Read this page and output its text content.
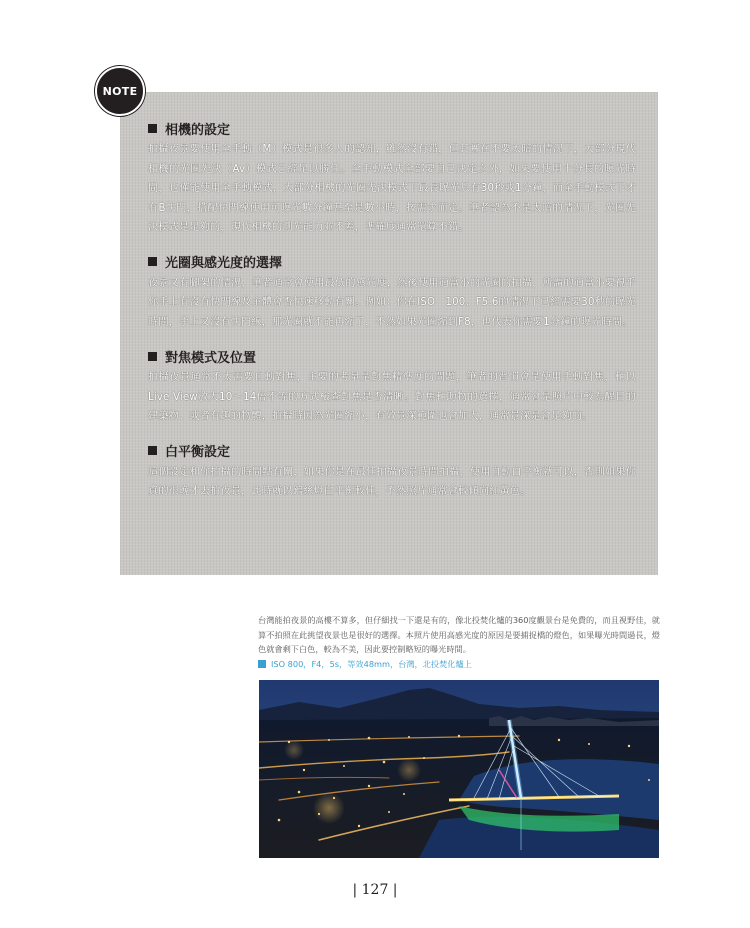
NOTE
相機的設定
拍攝夜景要使用全手動（M）模式是很多人的認知，雖然沒有錯，但其實在不要太暗的情況下，大部分現代相機的光圈先決（Av）模式已經足以勝任。全手動模式全部要自己決定之外，如果要使用十分長的曝光時間，也僅能使用全手動模式，大部分相機的光圈先決模式下最長曝光只有30秒或1分鐘，而全手動模式下才有B快門，搭配快門線使用可曝光數分鐘甚至是數小時，按需求而定。筆者認為不是太暗的情況下，光圈先決模式是足夠的，現代相機的測光能力並不差，準確度通常還算不錯。
光圈與感光度的選擇
夜景又有腳架的情況，筆者通常會使用最低的感光度，然後使用適當小的光圈的拍攝，所謂的適當小要視乎你手上有沒有快門線及主體會否快速移動有關。例如：你在ISO　100、F5.6的情況下已經需要30秒的曝光時間，手上又沒有快門線，那光圈就不能再縮了，不然如果光圈縮到F8，也代表你需要1分鐘的曝光時間。
對焦模式及位置
拍攝夜景通常不太需要自動對焦，主要的考量是對焦精準度的問題，筆者的習慣會是使用手動對焦，輔以Live View放大10～14倍不等的方式檢查對焦是否清晰。對焦輔助物的選擇，通常會是照片中較為醒目的建築物、或者有趣的物體，拍攝時因為光圈縮小，有效景深範圍也會加大，通常景深是會足夠的。
白平衡設定
這個設定和你拍攝的時間點有關，如果你是在最佳拍攝夜景時間拍攝，使用自動白平衡就可以，否則如果你真的很晚才去拍夜景，此時就以鎢絲燈白平衡較佳，不然照片通常會較傾向紅黃色。
台灣能拍夜景的高樓不算多，但仔細找一下還是有的，像北投焚化爐的360度觀景台是免費的，而且視野佳，就算不拍照在此挑望夜景也是很好的選擇。本照片使用高感光度的原因是要捕捉橋的燈色，如果曝光時間過長，燈色就會剩下白色，較為不美，因此要控制略短的曝光時間。
ISO 800，F4，5s，等效48mm，台灣，北投焚化爐上
| 127 |
